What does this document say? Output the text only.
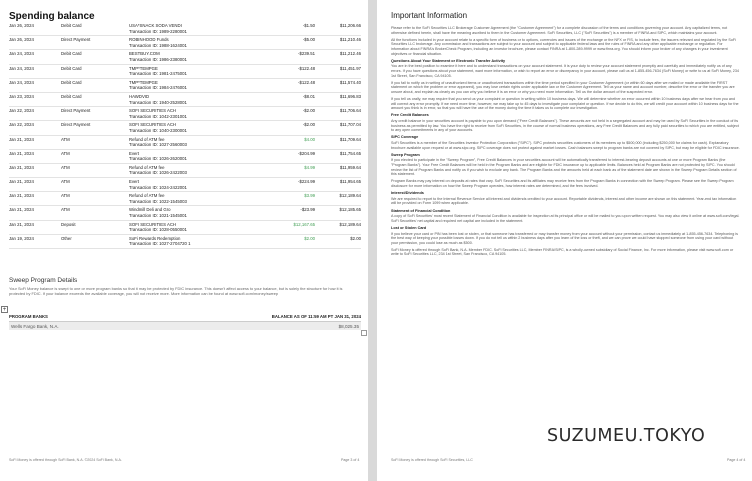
Spending balance
Jan 26, 2024	Debit Card	USA*SNACK SODA VENDI
Transaction ID: 1989-2280001
-$1.50	$11,206.66
Jan 26, 2024	Direct Payment	ROBINHOOD Funds
Transaction ID: 1988-1624001
-$5.00	$11,210.46
Jan 24, 2024	Debit Card	BESTBUY.COM
Transaction ID: 1986-2380001
-$239.51	$11,212.46
Jan 24, 2024	Debit Card	TMP*TEMPGE
Transaction ID: 1981-2475001
-$122.48	$11,451.97
Jan 24, 2024	Debit Card	TMP*TEMPGE
Transaction ID: 1984-2476001
-$122.48	$11,574.40
Jan 23, 2024	Debit Card	HAWDVID
Transaction ID: 1940-2528001
-$8.01	$11,696.83
Jan 22, 2024	Direct Payment	SOFI SECURITIES ACH
Transaction ID: 1042-2301001
-$2.00	$11,706.64
Jan 22, 2024	Direct Payment	SOFI SECURITIES ACH
Transaction ID: 1040-2300001
-$2.00	$11,707.04
Jan 21, 2024	ATM	Refund of ATM fee
Transaction ID: 1027-2560003
$4.00	$11,709.64
Jan 21, 2024	ATM	Evert
Transaction ID: 1026-2620001
-$204.99	$11,754.65
Jan 21, 2024	ATM	Refund of ATM fee
Transaction ID: 1026-2422003
$4.99	$11,959.64
Jan 21, 2024	ATM	Evert
Transaction ID: 1024-2422001
-$224.99	$11,954.65
Jan 21, 2024	ATM	Refund of ATM fee
Transaction ID: 1022-1545003
$3.99	$12,189.64
Jan 21, 2024	ATM	Windmill Deli and Gro
Transaction ID: 1021-1545001
-$23.99	$12,185.65
Jan 21, 2024	Deposit	SOFI SECURITIES ACH
Transaction ID: 1028-0550001
$12,167.65	$12,189.64
Jan 19, 2024	Other	SoFi Rewards Redemption
Transaction ID: 1027-2704720 1
$2.00	$2.00
+
Sweep Program Details
Your SoFi Money balance is swept to one or more program banks so that it may be protected by FDIC insurance. This doesn't affect access to your balance, but is solely the structure for how it is protected by FDIC. If your balance exceeds the available coverage, you will not receive more. More information can be found at www.sofi.com/money/sweep
PROGRAM BANKS	BALANCE AS OF 11:59 AM PT JAN 31, 2024
Wells Fargo Bank, N.A.	$8,025.35
SoFi Money is offered through SoFi Bank, N.A. ©2024 SoFi Bank, N.A.	Page 3 of 4
Important Information

Please refer to the SoFi Securities LLC Brokerage Customer Agreement (the "Customer Agreement") for a complete discussion of the terms and conditions governing your account. Any capitalized terms, not otherwise defined herein, shall have the meaning ascribed to them in the Customer Agreement. SoFi Securities, LLC ("SoFi Securities") is a member of FINRA and SIPC, which maintains your account.

All the functions included in your account relate to a specific form of business or to options, currencies and issues of the exchange or the NFX or FIS, to include fees, the issuers relevant and regulated by the SoFi Securities LLC brokerage. Any commission and transactions are subject to your account and subject to applicable federal laws and the rules of FINRA and any other applicable exchange or regulation. For information about FINRA's BrokerCheck Program, including an investor brochure, please contact FINRA at 1-800-289-9999 or www.finra.org. You should inform your broker of any changes in your investment objectives or financial situation.

Questions About Your Statement or Electronic Transfer Activity

You are in the best position to examine it here and to understand transactions on your account statement. It is your duty to review your account statement promptly and carefully and immediately notify us of any errors. If you have questions about your statement, want more information, or wish to report an error or discrepancy in your account, please call us at 1-855-456-7634 (SoFi Money) or write to us at SoFi Money, 234 1st Street, San Francisco, CA 94105.

If you fail to notify us in writing of unauthorized items or unauthorized transactions within the time period specified in your Customer Agreement (or within 60 days after we mailed or made available the FIRST statement on which the problem or error appeared), you may lose certain rights under applicable law or the Customer Agreement. Tell us your name and account number, describe the error or the transfer you are unsure about, and explain as clearly as you can why you believe it is an error or why you need more information. Tell us the dollar amount of the suspected error.

If you tell us orally, we may require that you send us your complaint or question in writing within 10 business days. We will determine whether an error occurred within 10 business days after we hear from you and will correct any error promptly. If we need more time, however, we may take up to 45 days to investigate your complaint or question. If we decide to do this, we will credit your account within 10 business days for the amount you think is in error, so that you will have the use of the money during the time it takes us to complete our investigation.

Free Credit Balances

Any credit balance in your securities account is payable to you upon demand ("Free Credit Balances"). These amounts are not held in a segregated account and may be used by SoFi Securities in the conduct of its business as permitted by law. You have the right to receive from SoFi Securities, in the course of normal business operations, any Free Credit Balances and any fully paid securities to which you are entitled, subject to any open commitments in any of your accounts.

SIPC Coverage

SoFi Securities is a member of the Securities Investor Protection Corporation ("SIPC"). SIPC protects securities customers of its members up to $500,000 (including $250,000 for claims for cash). Explanatory brochure available upon request or at www.sipc.org. SIPC coverage does not protect against market losses. Cash balances swept to program banks are not covered by SIPC, but may be eligible for FDIC insurance.

Sweep Program

If you elected to participate in the "Sweep Program", Free Credit Balances in your securities account will be automatically transferred to interest-bearing deposit accounts at one or more Program Banks (the "Program Banks"). Your Free Credit Balances will be held in the Program Banks and are eligible for FDIC insurance up to applicable limits. Balances held at Program Banks are not protected by SIPC. You should review the list of Program Banks and notify us if you wish to exclude any bank. The Program Banks and the amounts held at each bank as of the statement date are shown in the Sweep Program Details section of this statement.

Program Banks may pay interest on deposits at rates that vary. SoFi Securities and its affiliates may receive fees from the Program Banks in connection with the Sweep Program. Please see the Sweep Program disclosure for more information on how the Sweep Program operates, how interest rates are determined, and the fees involved.

Interest/Dividends

We are required to report to the Internal Revenue Service all interest and dividends credited to your account. Reportable dividends, interest and other income are shown on this statement. Year-end tax information will be provided on Form 1099 when applicable.

Statement of Financial Condition

A copy of SoFi Securities' most recent Statement of Financial Condition is available for inspection at its principal office or will be mailed to you upon written request. You may also view it online at www.sofi.com/legal. SoFi Securities' net capital and required net capital are included in the statement.

Lost or Stolen Card

If you believe your card or PIN has been lost or stolen, or that someone has transferred or may transfer money from your account without your permission, contact us immediately at 1-855-456-7634. Telephoning is the best way of keeping your possible losses down. If you do not tell us within 2 business days after you learn of the loss or theft, and we can prove we could have stopped someone from using your card without your permission, you could lose as much as $500.

SoFi Money is offered through SoFi Bank, N.A. Member FDIC. SoFi Securities LLC, Member FINRA/SIPC, is a wholly-owned subsidiary of Social Finance, Inc. For more information, please visit www.sofi.com or write to SoFi Securities LLC, 234 1st Street, San Francisco, CA 94105.

SUZUMEU.TOKYO
SoFi Money is offered through SoFi Securities, LLC	Page 4 of 4
